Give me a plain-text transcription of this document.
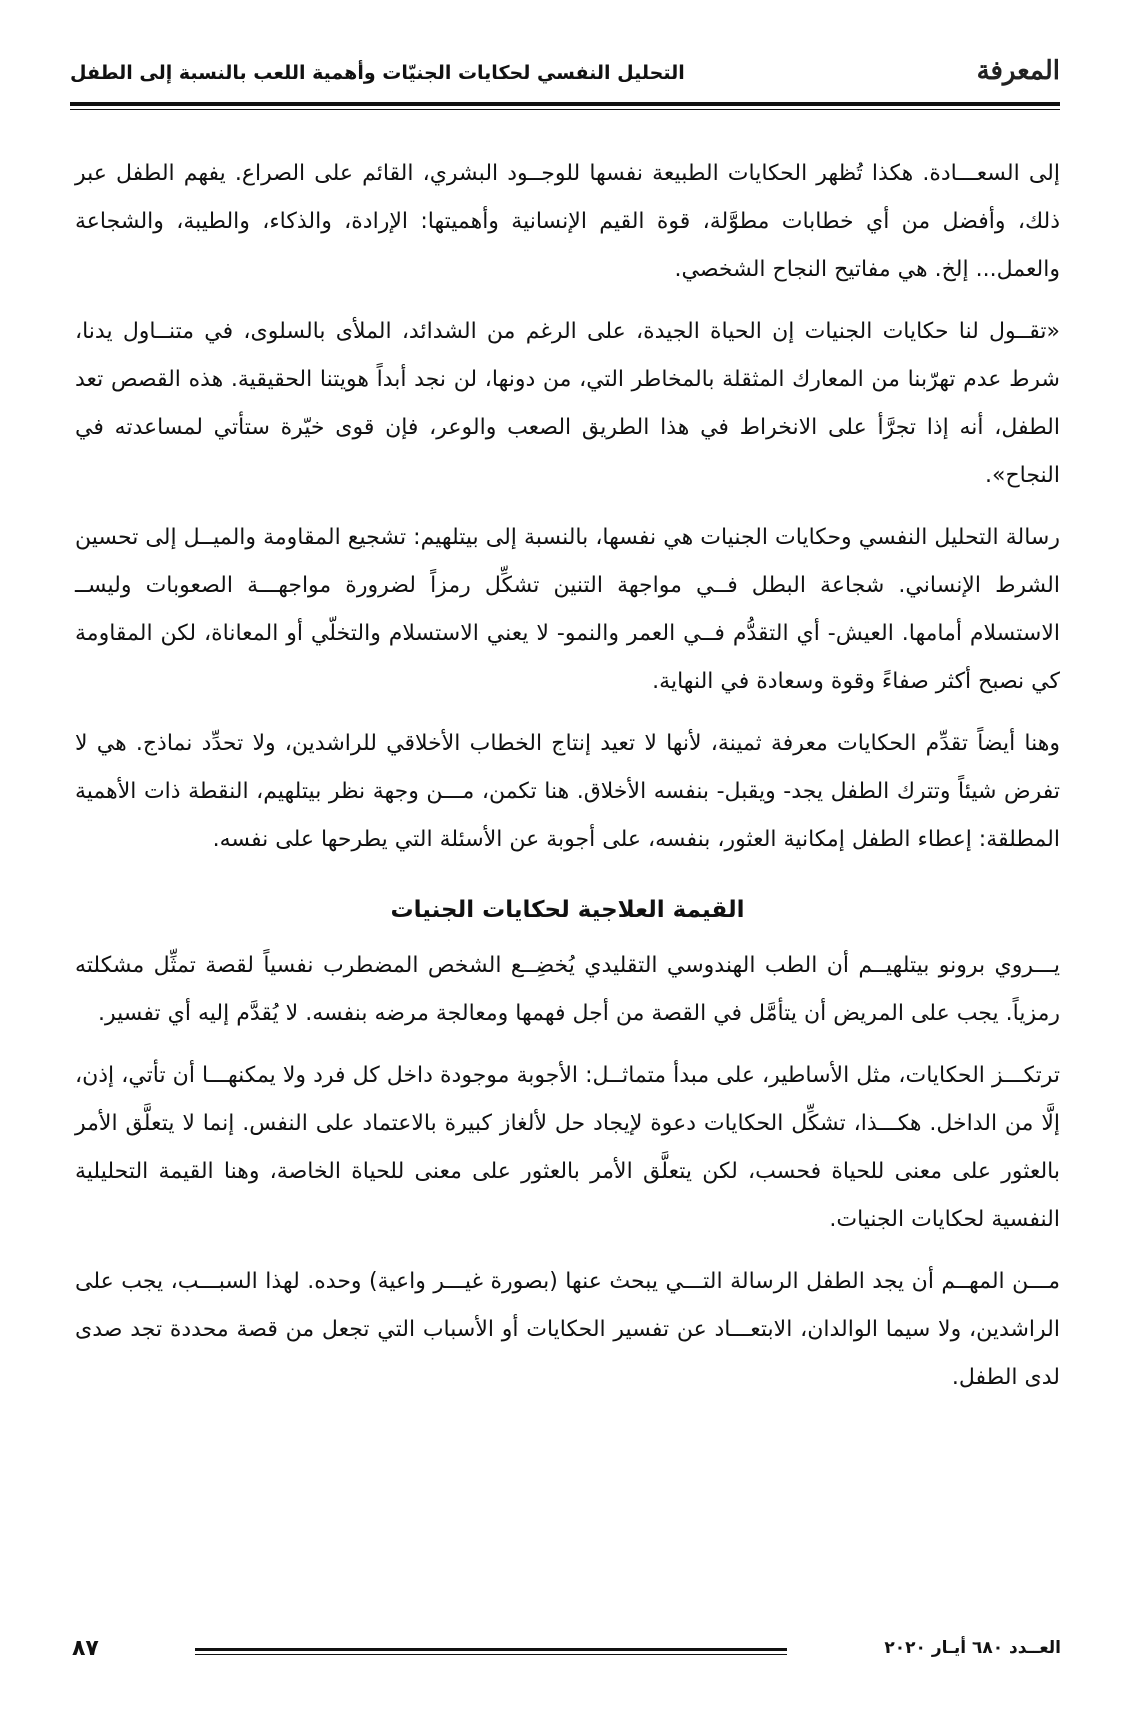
المعرفة
التحليل النفسي لحكايات الجنيّات وأهمية اللعب بالنسبة إلى الطفل

إلى السعـــادة. هكذا تُظهر الحكايات الطبيعة نفسها للوجــود البشري، القائم على الصراع. يفهم الطفل عبر ذلك، وأفضل من أي خطابات مطوَّلة، قوة القيم الإنسانية وأهميتها: الإرادة، والذكاء، والطيبة، والشجاعة والعمل... إلخ. هي مفاتيح النجاح الشخصي.

«تقــول لنا حكايات الجنيات إن الحياة الجيدة، على الرغم من الشدائد، الملأى بالسلوى، في متنــاول يدنا، شرط عدم تهرّبنا من المعارك المثقلة بالمخاطر التي، من دونها، لن نجد أبداً هويتنا الحقيقية. هذه القصص تعد الطفل، أنه إذا تجرَّأ على الانخراط في هذا الطريق الصعب والوعر، فإن قوى خيّرة ستأتي لمساعدته في النجاح».

رسالة التحليل النفسي وحكايات الجنيات هي نفسها، بالنسبة إلى بيتلهيم: تشجيع المقاومة والميــل إلى تحسين الشرط الإنساني. شجاعة البطل فــي مواجهة التنين تشكِّل رمزاً لضرورة مواجهـــة الصعوبات وليســ الاستسلام أمامها. العيش- أي التقدُّم فــي العمر والنمو- لا يعني الاستسلام والتخلّي أو المعاناة، لكن المقاومة كي نصبح أكثر صفاءً وقوة وسعادة في النهاية.

وهنا أيضاً تقدِّم الحكايات معرفة ثمينة، لأنها لا تعيد إنتاج الخطاب الأخلاقي للراشدين، ولا تحدِّد نماذج. هي لا تفرض شيئاً وتترك الطفل يجد- ويقبل- بنفسه الأخلاق. هنا تكمن، مـــن وجهة نظر بيتلهيم، النقطة ذات الأهمية المطلقة: إعطاء الطفل إمكانية العثور، بنفسه، على أجوبة عن الأسئلة التي يطرحها على نفسه.

القيمة العلاجية لحكايات الجنيات

يـــروي برونو بيتلهيــم أن الطب الهندوسي التقليدي يُخضِــع الشخص المضطرب نفسياً لقصة تمثِّل مشكلته رمزياً. يجب على المريض أن يتأمَّل في القصة من أجل فهمها ومعالجة مرضه بنفسه. لا يُقدَّم إليه أي تفسير.

ترتكـــز الحكايات، مثل الأساطير، على مبدأ متماثــل: الأجوبة موجودة داخل كل فرد ولا يمكنهـــا أن تأتي، إذن، إلَّا من الداخل. هكـــذا، تشكِّل الحكايات دعوة لإيجاد حل لألغاز كبيرة بالاعتماد على النفس. إنما لا يتعلَّق الأمر بالعثور على معنى للحياة فحسب، لكن يتعلَّق الأمر بالعثور على معنى للحياة الخاصة، وهنا القيمة التحليلية النفسية لحكايات الجنيات.

مـــن المهــم أن يجد الطفل الرسالة التـــي يبحث عنها (بصورة غيـــر واعية) وحده. لهذا السبـــب، يجب على الراشدين، ولا سيما الوالدان، الابتعـــاد عن تفسير الحكايات أو الأسباب التي تجعل من قصة محددة تجد صدى لدى الطفل.

٨٧	العــدد ٦٨٠ أيـار ٢٠٢٠
